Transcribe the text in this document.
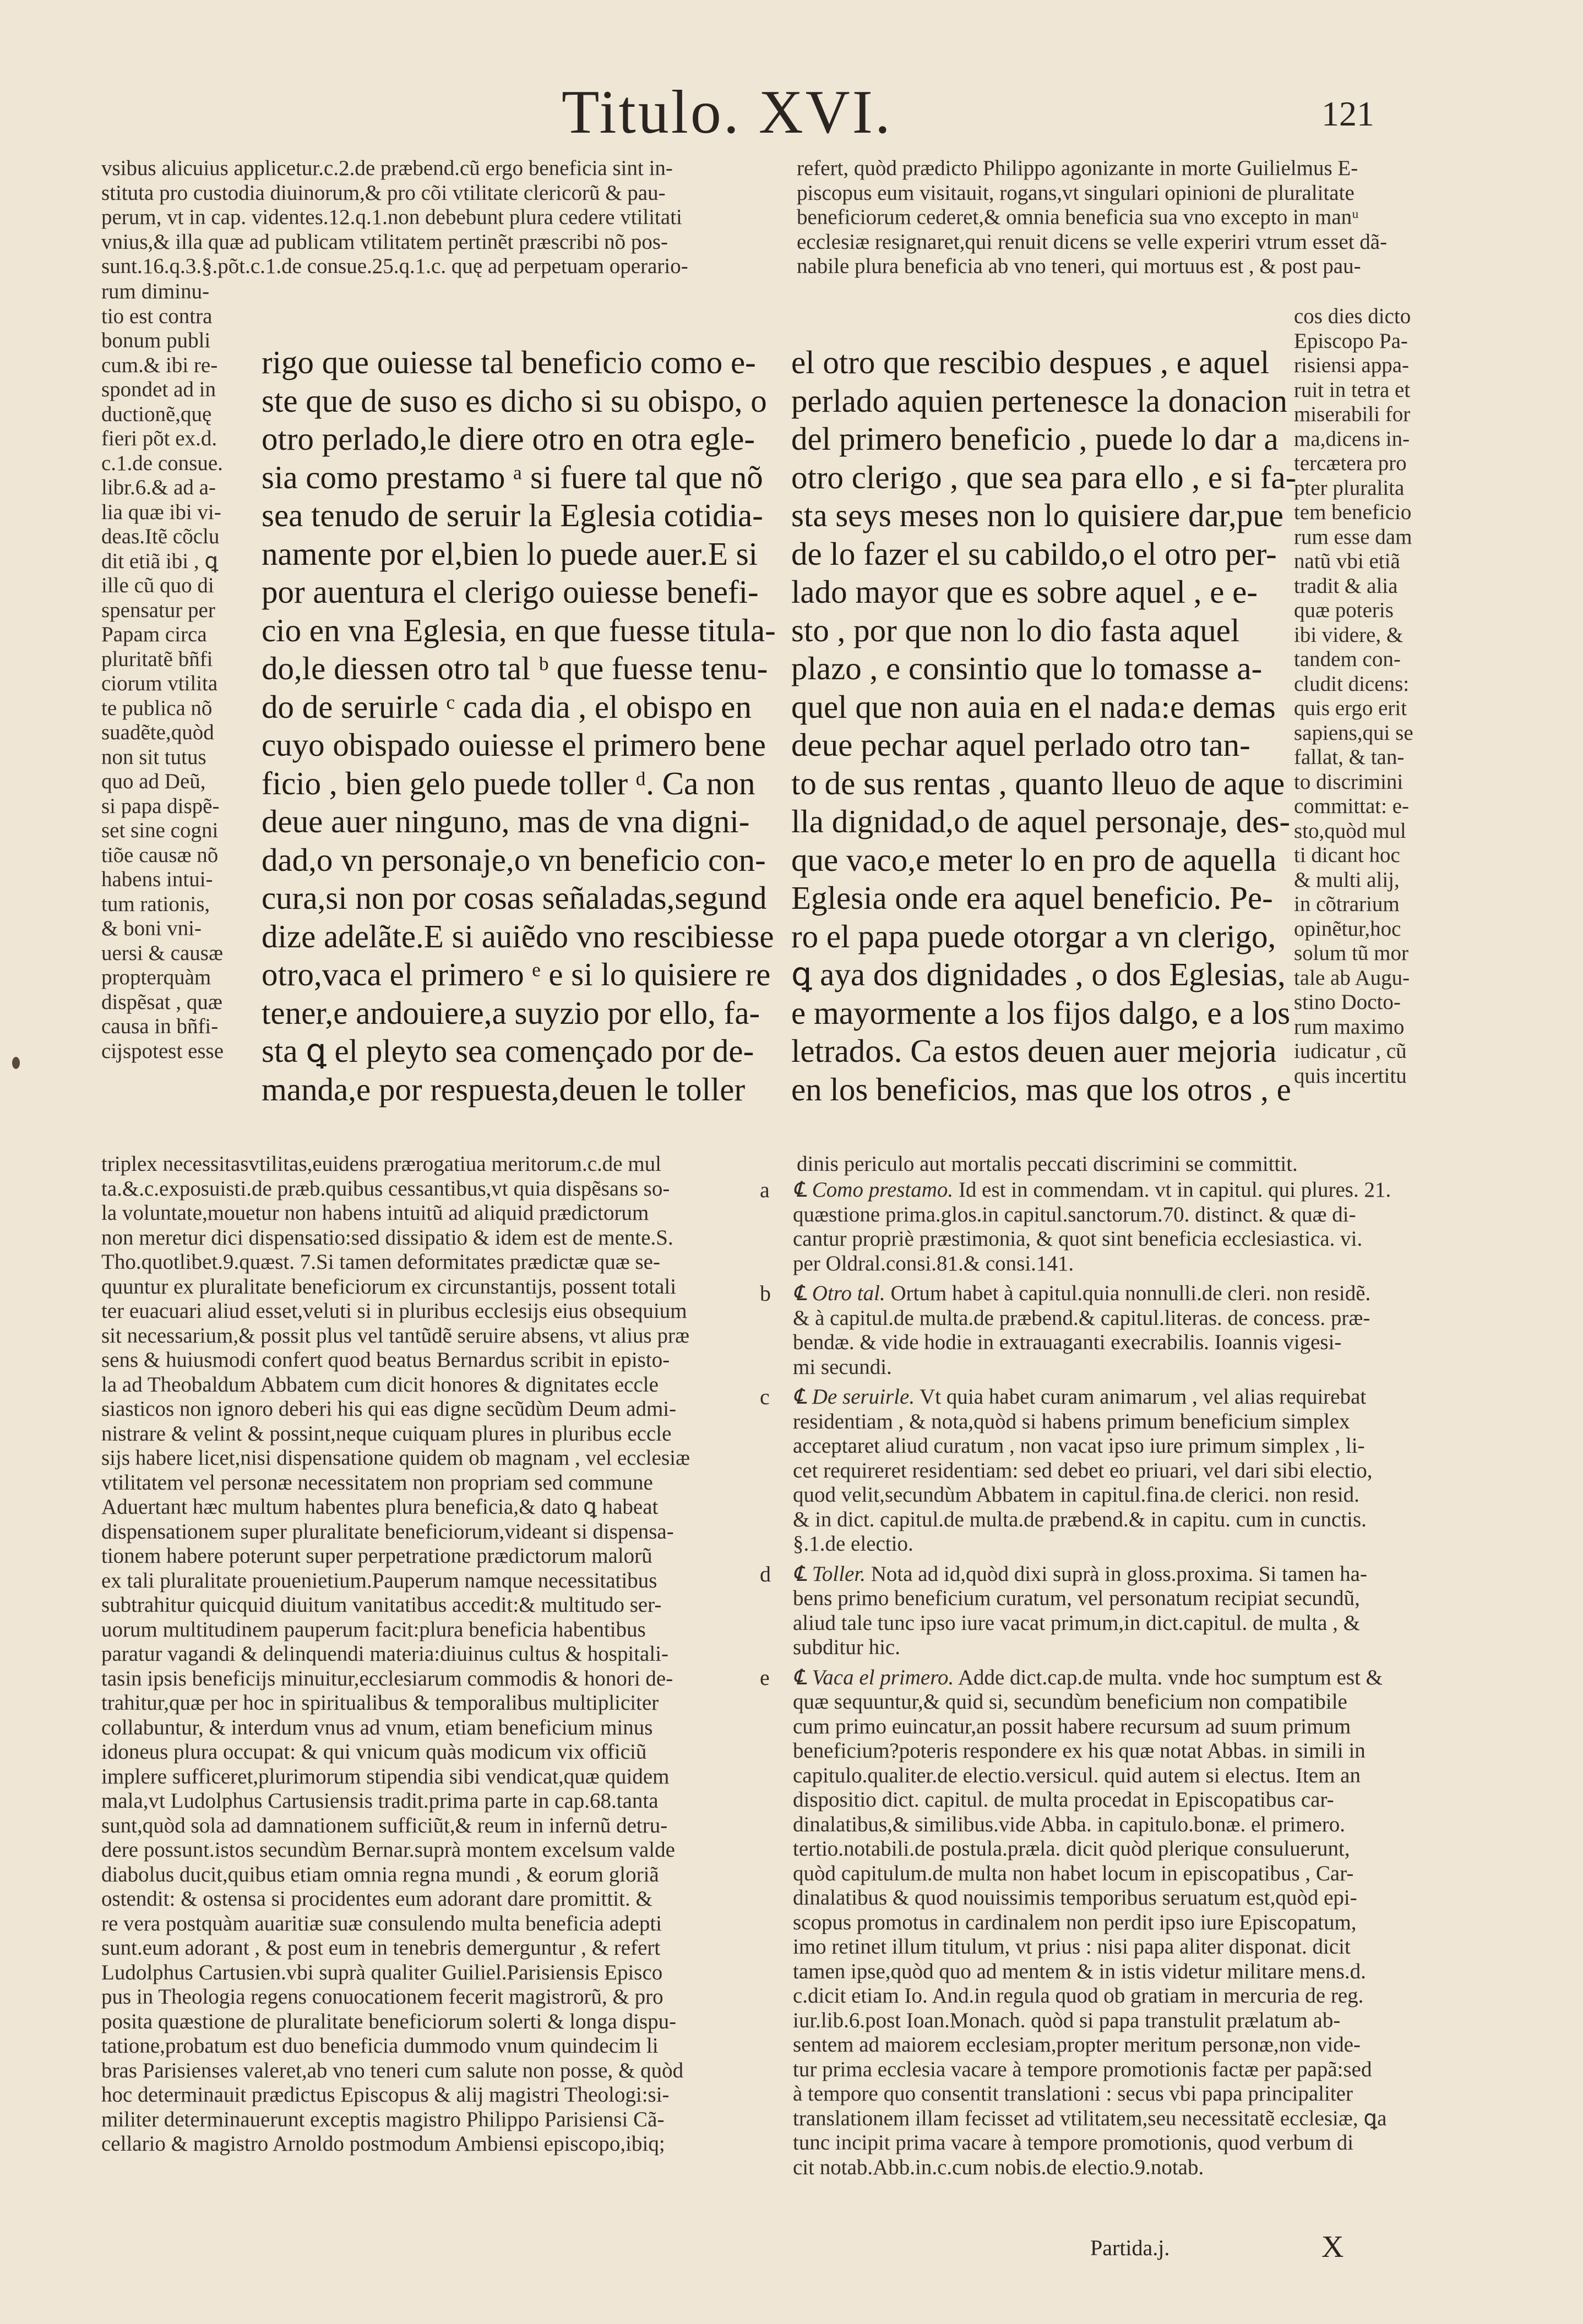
Titulo. XVI.	121
vsibus alicuius applicetur.c.2.de præbend.cũ ergo beneficia sint in-
stituta pro custodia diuinorum,& pro cõi vtilitate clericorũ & pau-
perum, vt in cap. videntes.12.q.1.non debebunt plura cedere vtilitati
vnius,& illa quæ ad publicam vtilitatem pertinẽt præscribi nõ pos-
sunt.16.q.3.§.põt.c.1.de consue.25.q.1.c. quę ad perpetuam operario-
rum diminu-
tio est contra
bonum publi
cum.& ibi re-
spondet ad in
ductionẽ,quę
fieri põt ex.d.
c.1.de consue.
libr.6.& ad a-
lia quæ ibi vi-
deas.Itẽ cõclu
dit etiã ibi , ꝗ
ille cũ quo di
spensatur per
Papam circa
pluritatẽ bñfi
ciorum vtilita
te publica nõ
suadẽte,quòd
non sit tutus
quo ad Deũ,
si papa dispẽ-
set sine cogni
tiõe causæ nõ
habens intui-
tum rationis,
& boni vni-
uersi & causæ
propterquàm
dispẽsat , quæ
causa in bñfi-
cijspotest esse
rigo que ouiesse tal beneficio como e-
ste que de suso es dicho si su obispo, o
otro perlado,le diere otro en otra egle-
sia como prestamo ᵃ si fuere tal que nõ
sea tenudo de seruir la Eglesia cotidia-
namente por el,bien lo puede auer.E si
por auentura el clerigo ouiesse benefi-
cio en vna Eglesia, en que fuesse titula-
do,le diessen otro tal ᵇ que fuesse tenu-
do de seruirle ᶜ cada dia , el obispo en
cuyo obispado ouiesse el primero bene
ficio , bien gelo puede toller ᵈ. Ca non
deue auer ninguno, mas de vna digni-
dad,o vn personaje,o vn beneficio con-
cura,si non por cosas señaladas,segund
dize adelãte.E si auiẽdo vno rescibiesse
otro,vaca el primero ᵉ e si lo quisiere re
tener,e andouiere,a suyzio por ello, fa-
sta ꝗ el pleyto sea començado por de-
manda,e por respuesta,deuen le toller
triplex necessitasvtilitas,euidens prærogatiua meritorum.c.de mul
ta.&.c.exposuisti.de præb.quibus cessantibus,vt quia dispẽsans so-
la voluntate,mouetur non habens intuitũ ad aliquid prædictorum
non meretur dici dispensatio:sed dissipatio & idem est de mente.S.
Tho.quotlibet.9.quæst. 7.Si tamen deformitates prædictæ quæ se-
quuntur ex pluralitate beneficiorum ex circunstantijs, possent totali
ter euacuari aliud esset,veluti si in pluribus ecclesijs eius obsequium
sit necessarium,& possit plus vel tantũdẽ seruire absens, vt alius præ
sens & huiusmodi confert quod beatus Bernardus scribit in episto-
la ad Theobaldum Abbatem cum dicit honores & dignitates eccle
siasticos non ignoro deberi his qui eas digne secũdùm Deum admi-
nistrare & velint & possint,neque cuiquam plures in pluribus eccle
sijs habere licet,nisi dispensatione quidem ob magnam , vel ecclesiæ
vtilitatem vel personæ necessitatem non propriam sed commune
Aduertant hæc multum habentes plura beneficia,& dato ꝗ habeat
dispensationem super pluralitate beneficiorum,videant si dispensa-
tionem habere poterunt super perpetratione prædictorum malorũ
ex tali pluralitate prouenietium.Pauperum namque necessitatibus
subtrahitur quicquid diuitum vanitatibus accedit:& multitudo ser-
uorum multitudinem pauperum facit:plura beneficia habentibus
paratur vagandi & delinquendi materia:diuinus cultus & hospitali-
tasin ipsis beneficijs minuitur,ecclesiarum commodis & honori de-
trahitur,quæ per hoc in spiritualibus & temporalibus multipliciter
collabuntur, & interdum vnus ad vnum, etiam beneficium minus
idoneus plura occupat: & qui vnicum quàs modicum vix officiũ
implere sufficeret,plurimorum stipendia sibi vendicat,quæ quidem
mala,vt Ludolphus Cartusiensis tradit.prima parte in cap.68.tanta
sunt,quòd sola ad damnationem sufficiũt,& reum in infernũ detru-
dere possunt.istos secundùm Bernar.suprà montem excelsum valde
diabolus ducit,quibus etiam omnia regna mundi , & eorum gloriã
ostendit: & ostensa si procidentes eum adorant dare promittit. &
re vera postquàm auaritiæ suæ consulendo multa beneficia adepti
sunt.eum adorant , & post eum in tenebris demerguntur , & refert
Ludolphus Cartusien.vbi suprà qualiter Guiliel.Parisiensis Episco
pus in Theologia regens conuocationem fecerit magistrorũ, & pro
posita quæstione de pluralitate beneficiorum solerti & longa dispu-
tatione,probatum est duo beneficia dummodo vnum quindecim li
bras Parisienses valeret,ab vno teneri cum salute non posse, & quòd
hoc determinauit prædictus Episcopus & alij magistri Theologi:si-
militer determinauerunt exceptis magistro Philippo Parisiensi Cã-
cellario & magistro Arnoldo postmodum Ambiensi episcopo,ibiq;
refert, quòd prædicto Philippo agonizante in morte Guilielmus E-
piscopus eum visitauit, rogans,vt singulari opinioni de pluralitate
beneficiorum cederet,& omnia beneficia sua vno excepto in manᵘ
ecclesiæ resignaret,qui renuit dicens se velle experiri vtrum esset dã-
nabile plura beneficia ab vno teneri, qui mortuus est , & post pau-
el otro que rescibio despues , e aquel
perlado aquien pertenesce la donacion
del primero beneficio , puede lo dar a
otro clerigo , que sea para ello , e si fa-
sta seys meses non lo quisiere dar,pue
de lo fazer el su cabildo,o el otro per-
lado mayor que es sobre aquel , e e-
sto , por que non lo dio fasta aquel
plazo , e consintio que lo tomasse a-
quel que non auia en el nada:e demas
deue pechar aquel perlado otro tan-
to de sus rentas , quanto lleuo de aque
lla dignidad,o de aquel personaje, des-
que vaco,e meter lo en pro de aquella
Eglesia onde era aquel beneficio. Pe-
ro el papa puede otorgar a vn clerigo,
ꝗ aya dos dignidades , o dos Eglesias,
e mayormente a los fijos dalgo, e a los
letrados. Ca estos deuen auer mejoria
en los beneficios, mas que los otros , e
cos dies dicto
Episcopo Pa-
risiensi appa-
ruit in tetra et
miserabili for
ma,dicens in-
tercætera pro
pter pluralita
tem beneficio
rum esse dam
natũ vbi etiã
tradit & alia
quæ poteris
ibi videre, &
tandem con-
cludit dicens:
quis ergo erit
sapiens,qui se
fallat, & tan-
to discrimini
committat: e-
sto,quòd mul
ti dicant hoc
& multi alij,
in cõtrarium
opinẽtur,hoc
solum tũ mor
tale ab Augu-
stino Docto-
rum maximo
iudicatur , cũ
quis incertitu
dinis periculo aut mortalis peccati discrimini se committit.
a	℄ Como prestamo. Id est in commendam. vt in capitul. qui plures. 21.
quæstione prima.glos.in capitul.sanctorum.70. distinct. & quæ di-
cantur propriè præstimonia, & quot sint beneficia ecclesiastica. vi.
per Oldral.consi.81.& consi.141.
b	℄ Otro tal. Ortum habet à capitul.quia nonnulli.de cleri. non residẽ.
& à capitul.de multa.de præbend.& capitul.literas. de concess. præ-
bendæ. & vide hodie in extrauaganti execrabilis. Ioannis vigesi-
mi secundi.
c	℄ De seruirle. Vt quia habet curam animarum , vel alias requirebat
residentiam , & nota,quòd si habens primum beneficium simplex
acceptaret aliud curatum , non vacat ipso iure primum simplex , li-
cet requireret residentiam: sed debet eo priuari, vel dari sibi electio,
quod velit,secundùm Abbatem in capitul.fina.de clerici. non resid.
& in dict. capitul.de multa.de præbend.& in capitu. cum in cunctis.
§.1.de electio.
d	℄ Toller. Nota ad id,quòd dixi suprà in gloss.proxima. Si tamen ha-
bens primo beneficium curatum, vel personatum recipiat secundũ,
aliud tale tunc ipso iure vacat primum,in dict.capitul. de multa , &
subditur hic.
e	℄ Vaca el primero. Adde dict.cap.de multa. vnde hoc sumptum est &
quæ sequuntur,& quid si, secundùm beneficium non compatibile
cum primo euincatur,an possit habere recursum ad suum primum
beneficium?poteris respondere ex his quæ notat Abbas. in simili in
capitulo.qualiter.de electio.versicul. quid autem si electus. Item an
dispositio dict. capitul. de multa procedat in Episcopatibus car-
dinalatibus,& similibus.vide Abba. in capitulo.bonæ. el primero.
tertio.notabili.de postula.præla. dicit quòd plerique consuluerunt,
quòd capitulum.de multa non habet locum in episcopatibus , Car-
dinalatibus & quod nouissimis temporibus seruatum est,quòd epi-
scopus promotus in cardinalem non perdit ipso iure Episcopatum,
imo retinet illum titulum, vt prius : nisi papa aliter disponat. dicit
tamen ipse,quòd quo ad mentem & in istis videtur militare mens.d.
c.dicit etiam Io. And.in regula quod ob gratiam in mercuria de reg.
iur.lib.6.post Ioan.Monach. quòd si papa transtulit prælatum ab-
sentem ad maiorem ecclesiam,propter meritum personæ,non vide-
tur prima ecclesia vacare à tempore promotionis factæ per papã:sed
à tempore quo consentit translationi : secus vbi papa principaliter
translationem illam fecisset ad vtilitatem,seu necessitatẽ ecclesiæ, ꝗa
tunc incipit prima vacare à tempore promotionis, quod verbum di
cit notab.Abb.in.c.cum nobis.de electio.9.notab.
Partida.j.	X
